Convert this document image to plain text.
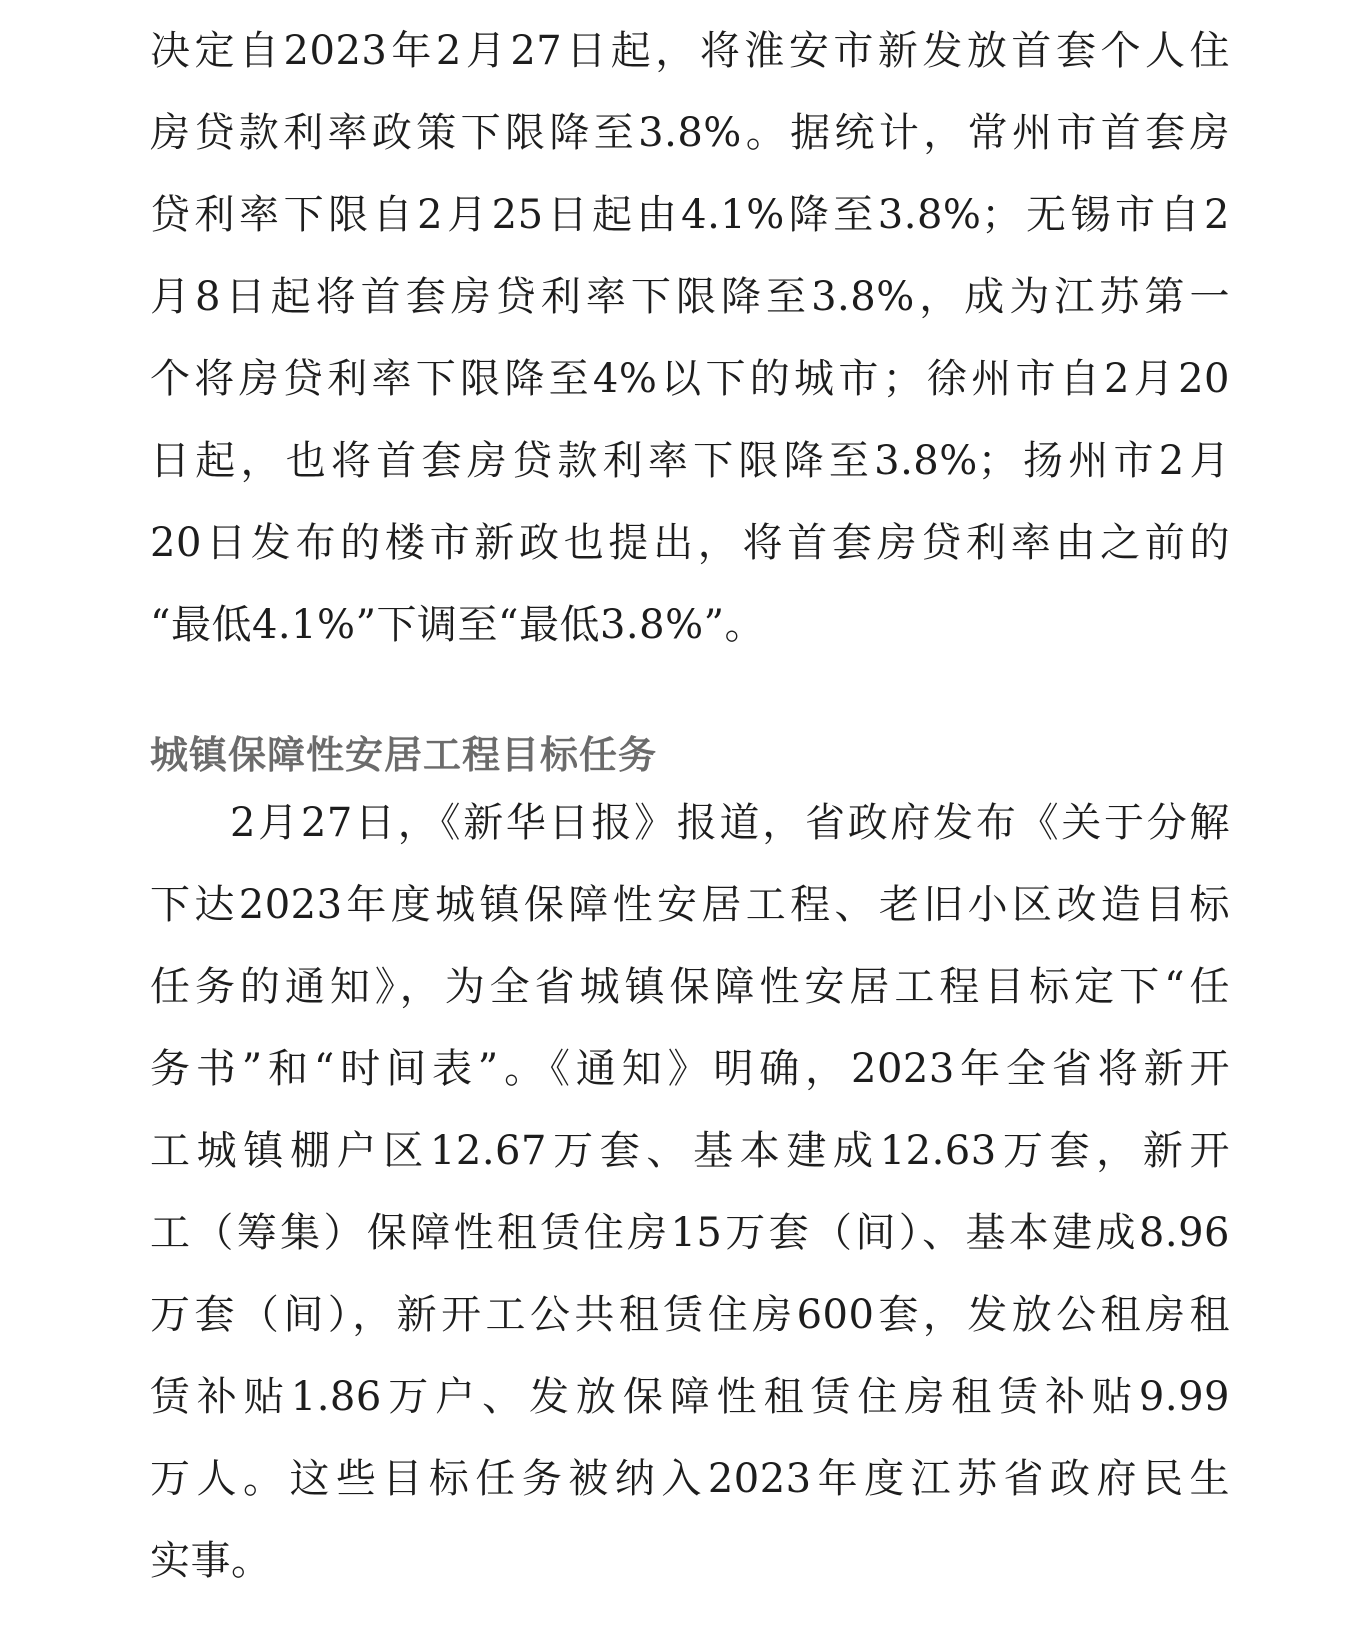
决定自2023年2月27日起，将淮安市新发放首套个人住
房贷款利率政策下限降至3.8%。据统计，常州市首套房
贷利率下限自2月25日起由4.1%降至3.8%；无锡市自2
月8日起将首套房贷利率下限降至3.8%，成为江苏第一
个将房贷利率下限降至4%以下的城市；徐州市自2月20
日起，也将首套房贷款利率下限降至3.8%；扬州市2月
20日发布的楼市新政也提出，将首套房贷利率由之前的
“最低4.1%”下调至“最低3.8%”。
城镇保障性安居工程目标任务
2月27日，《新华日报》报道，省政府发布《关于分解
下达2023年度城镇保障性安居工程、老旧小区改造目标
任务的通知》，为全省城镇保障性安居工程目标定下“任
务书”和“时间表”。《通知》明确，2023年全省将新开
工城镇棚户区12.67万套、基本建成12.63万套，新开
工（筹集）保障性租赁住房15万套（间）、基本建成8.96
万套（间），新开工公共租赁住房600套，发放公租房租
赁补贴1.86万户、发放保障性租赁住房租赁补贴9.99
万人。这些目标任务被纳入2023年度江苏省政府民生
实事。
